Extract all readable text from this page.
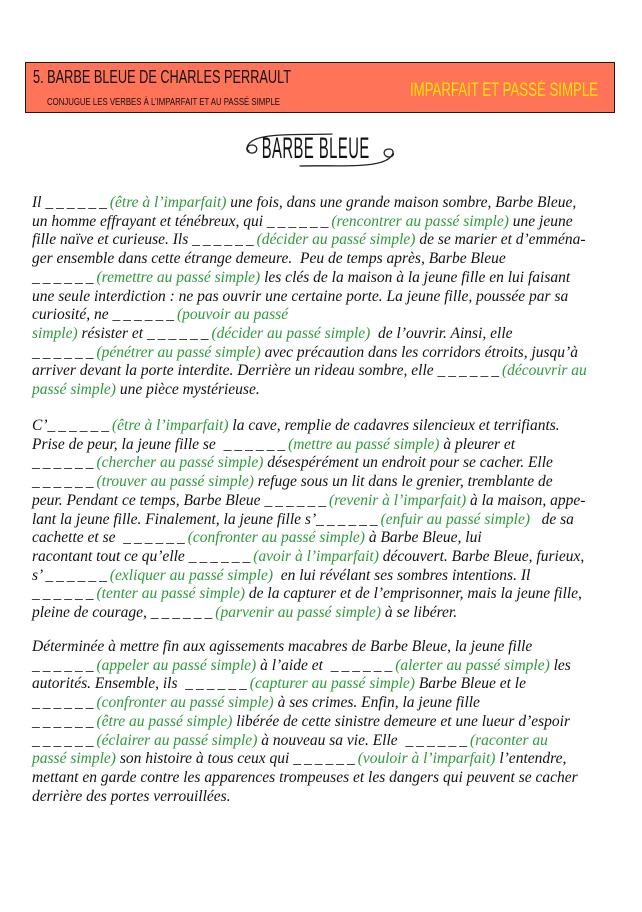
5. BARBE BLEUE DE CHARLES PERRAULT
CONJUGUE LES VERBES À L’IMPARFAIT ET AU PASSÉ SIMPLE
IMPARFAIT ET PASSÉ SIMPLE
BARBE BLEUE
Il ______(être à l’imparfait) une fois, dans une grande maison sombre, Barbe Bleue,
un homme effrayant et ténébreux, qui ______(rencontrer au passé simple) une jeune
fille naïve et curieuse. Ils ______(décider au passé simple) de se marier et d’emména-
ger ensemble dans cette étrange demeure.  Peu de temps après, Barbe Bleue
______(remettre au passé simple) les clés de la maison à la jeune fille en lui faisant
une seule interdiction : ne pas ouvrir une certaine porte. La jeune fille, poussée par sa
curiosité, ne ______(pouvoir au passé
simple) résister et ______(décider au passé simple)  de l’ouvrir. Ainsi, elle
______(pénétrer au passé simple) avec précaution dans les corridors étroits, jusqu’à
arriver devant la porte interdite. Derrière un rideau sombre, elle ______(découvrir au
passé simple) une pièce mystérieuse.
C’______(être à l’imparfait) la cave, remplie de cadavres silencieux et terrifiants.
Prise de peur, la jeune fille se  ______(mettre au passé simple) à pleurer et
______(chercher au passé simple) désespérément un endroit pour se cacher. Elle
______(trouver au passé simple) refuge sous un lit dans le grenier, tremblante de
peur. Pendant ce temps, Barbe Bleue ______(revenir à l’imparfait) à la maison, appe-
lant la jeune fille. Finalement, la jeune fille s’______(enfuir au passé simple)   de sa
cachette et se  ______(confronter au passé simple) à Barbe Bleue, lui
racontant tout ce qu’elle ______(avoir à l’imparfait) découvert. Barbe Bleue, furieux,
s’ ______(exliquer au passé simple)  en lui révélant ses sombres intentions. Il
______(tenter au passé simple) de la capturer et de l’emprisonner, mais la jeune fille,
pleine de courage, ______(parvenir au passé simple) à se libérer.
Déterminée à mettre fin aux agissements macabres de Barbe Bleue, la jeune fille
______(appeler au passé simple) à l’aide et  ______(alerter au passé simple) les
autorités. Ensemble, ils  ______(capturer au passé simple) Barbe Bleue et le
______(confronter au passé simple) à ses crimes. Enfin, la jeune fille
______(être au passé simple) libérée de cette sinistre demeure et une lueur d’espoir
______(éclairer au passé simple) à nouveau sa vie. Elle  ______(raconter au
passé simple) son histoire à tous ceux qui ______(vouloir à l’imparfait) l’entendre,
mettant en garde contre les apparences trompeuses et les dangers qui peuvent se cacher
derrière des portes verrouillées.
